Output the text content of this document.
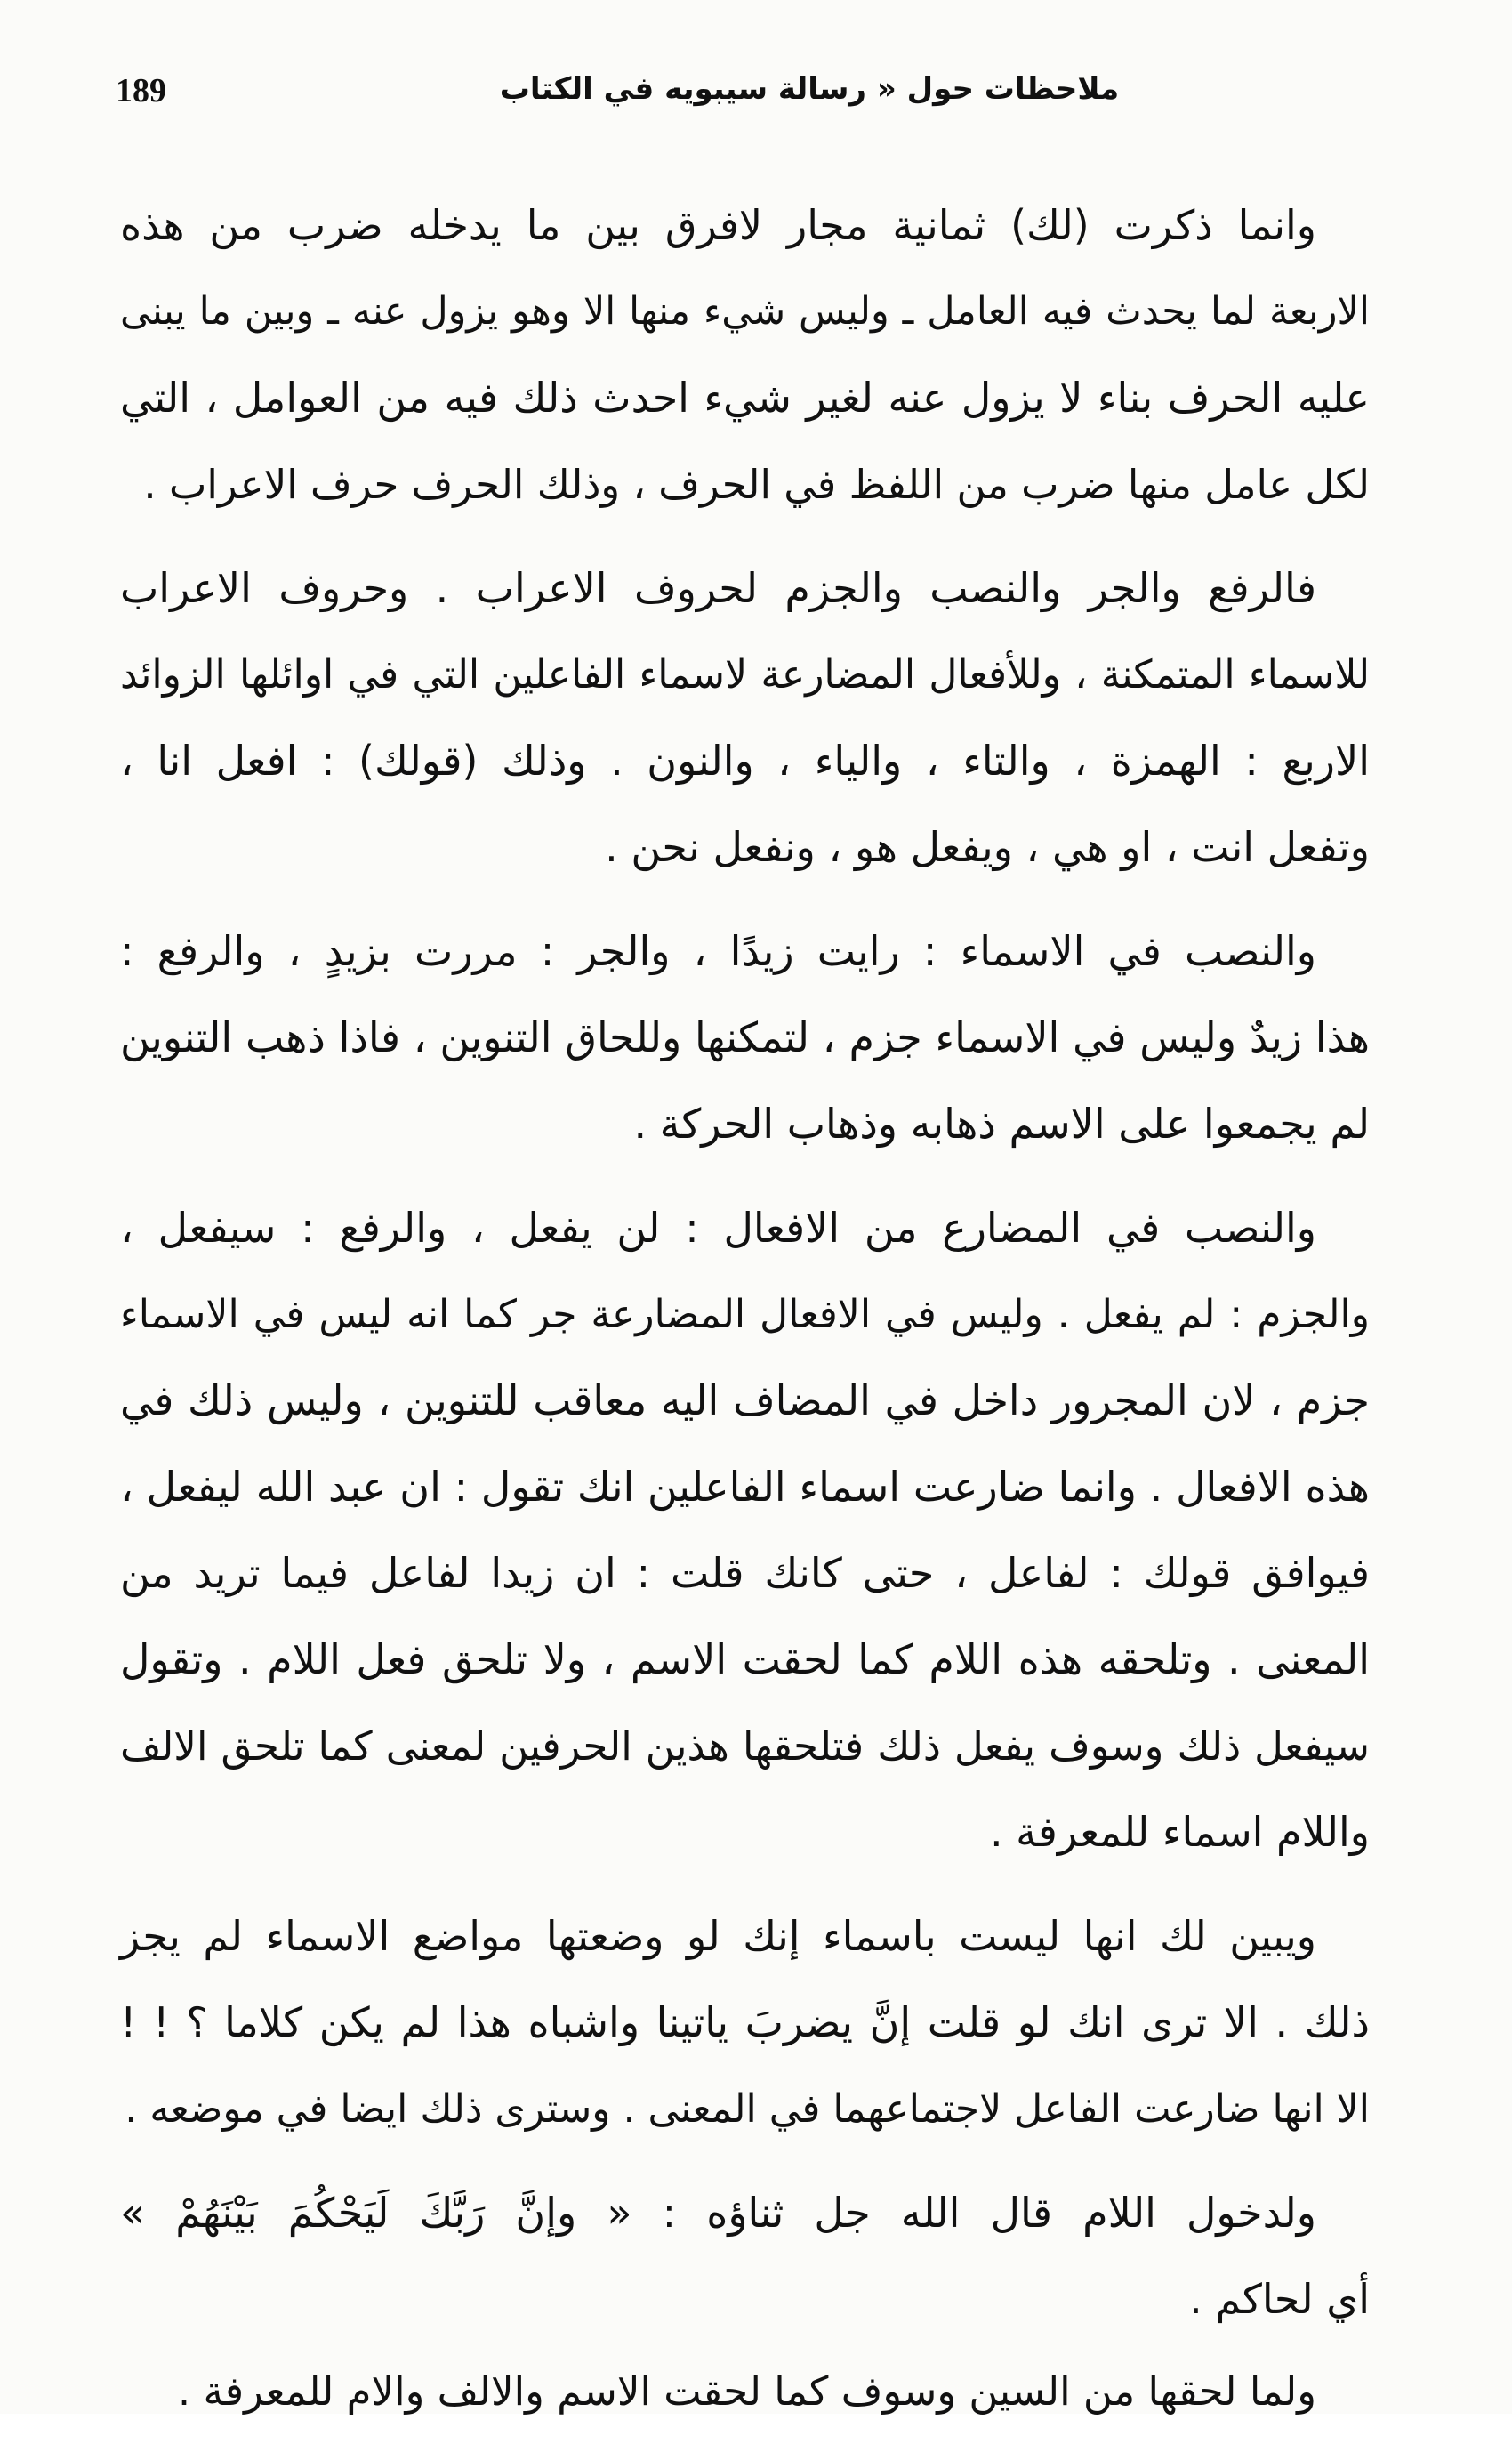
189	ملاحظات حول « رسالة سيبويه في الكتاب
وانما ذكرت (لك) ثمانية مجار لافرق بين ما يدخله ضرب من هذه
الاربعة لما يحدث فيه العامل ـ وليس شيء منها الا وهو يزول عنه ـ وبين ما يبنى
عليه الحرف بناء لا يزول عنه لغير شيء احدث ذلك فيه من العوامل ، التي
لكل عامل منها ضرب من اللفظ في الحرف ، وذلك الحرف حرف الاعراب .
فالرفع والجر والنصب والجزم لحروف الاعراب . وحروف الاعراب
للاسماء المتمكنة ، وللأفعال المضارعة لاسماء الفاعلين التي في اوائلها الزوائد
الاربع : الهمزة ، والتاء ، والياء ، والنون . وذلك (قولك) : افعل انا ،
وتفعل انت ، او هي ، ويفعل هو ، ونفعل نحن .
والنصب في الاسماء : رايت زيدًا ، والجر : مررت بزيدٍ ، والرفع :
هذا زيدٌ وليس في الاسماء جزم ، لتمكنها وللحاق التنوين ، فاذا ذهب التنوين
لم يجمعوا على الاسم ذهابه وذهاب الحركة .
والنصب في المضارع من الافعال : لن يفعل ، والرفع : سيفعل ،
والجزم : لم يفعل . وليس في الافعال المضارعة جر كما انه ليس في الاسماء
جزم ، لان المجرور داخل في المضاف اليه معاقب للتنوين ، وليس ذلك في
هذه الافعال . وانما ضارعت اسماء الفاعلين انك تقول : ان عبد الله ليفعل ،
فيوافق قولك : لفاعل ، حتى كانك قلت : ان زيدا لفاعل فيما تريد من
المعنى . وتلحقه هذه اللام كما لحقت الاسم ، ولا تلحق فعل اللام . وتقول
سيفعل ذلك وسوف يفعل ذلك فتلحقها هذين الحرفين لمعنى كما تلحق الالف
واللام اسماء للمعرفة .
ويبين لك انها ليست باسماء إنك لو وضعتها مواضع الاسماء لم يجز
ذلك . الا ترى انك لو قلت إنَّ يضربَ ياتينا واشباه هذا لم يكن كلاما ؟ ! !
الا انها ضارعت الفاعل لاجتماعهما في المعنى . وسترى ذلك ايضا في موضعه .
ولدخول اللام قال الله جل ثناؤه : « وإنَّ رَبَّكَ لَيَحْكُمَ بَيْنَهُمْ »
أي لحاكم .
ولما لحقها من السين وسوف كما لحقت الاسم والالف والام للمعرفة .
